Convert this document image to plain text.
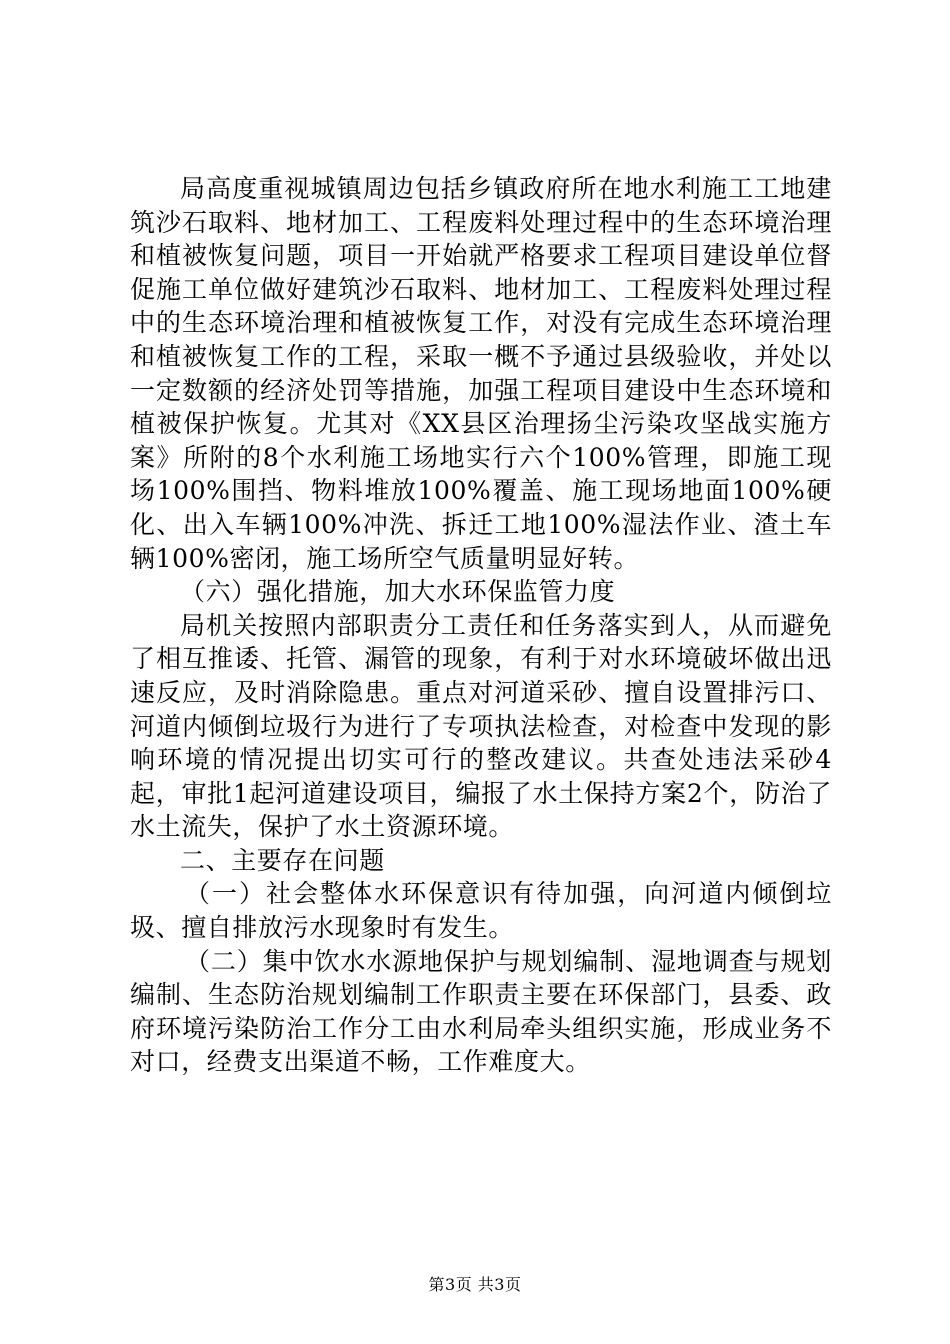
局高度重视城镇周边包括乡镇政府所在地水利施工工地建筑沙石取料、地材加工、工程废料处理过程中的生态环境治理和植被恢复问题，项目一开始就严格要求工程项目建设单位督促施工单位做好建筑沙石取料、地材加工、工程废料处理过程中的生态环境治理和植被恢复工作，对没有完成生态环境治理和植被恢复工作的工程，采取一概不予通过县级验收，并处以一定数额的经济处罚等措施，加强工程项目建设中生态环境和植被保护恢复。尤其对《XX县区治理扬尘污染攻坚战实施方案》所附的8个水利施工场地实行六个100%管理，即施工现场100%围挡、物料堆放100%覆盖、施工现场地面100%硬化、出入车辆100%冲洗、拆迁工地100%湿法作业、渣土车辆100%密闭，施工场所空气质量明显好转。

（六）强化措施，加大水环保监管力度

局机关按照内部职责分工责任和任务落实到人，从而避免了相互推诿、托管、漏管的现象，有利于对水环境破坏做出迅速反应，及时消除隐患。重点对河道采砂、擅自设置排污口、河道内倾倒垃圾行为进行了专项执法检查，对检查中发现的影响环境的情况提出切实可行的整改建议。共查处违法采砂4起，审批1起河道建设项目，编报了水土保持方案2个，防治了水土流失，保护了水土资源环境。

二、主要存在问题

（一）社会整体水环保意识有待加强，向河道内倾倒垃圾、擅自排放污水现象时有发生。

（二）集中饮水水源地保护与规划编制、湿地调查与规划编制、生态防治规划编制工作职责主要在环保部门，县委、政府环境污染防治工作分工由水利局牵头组织实施，形成业务不对口，经费支出渠道不畅，工作难度大。

第3页 共3页
